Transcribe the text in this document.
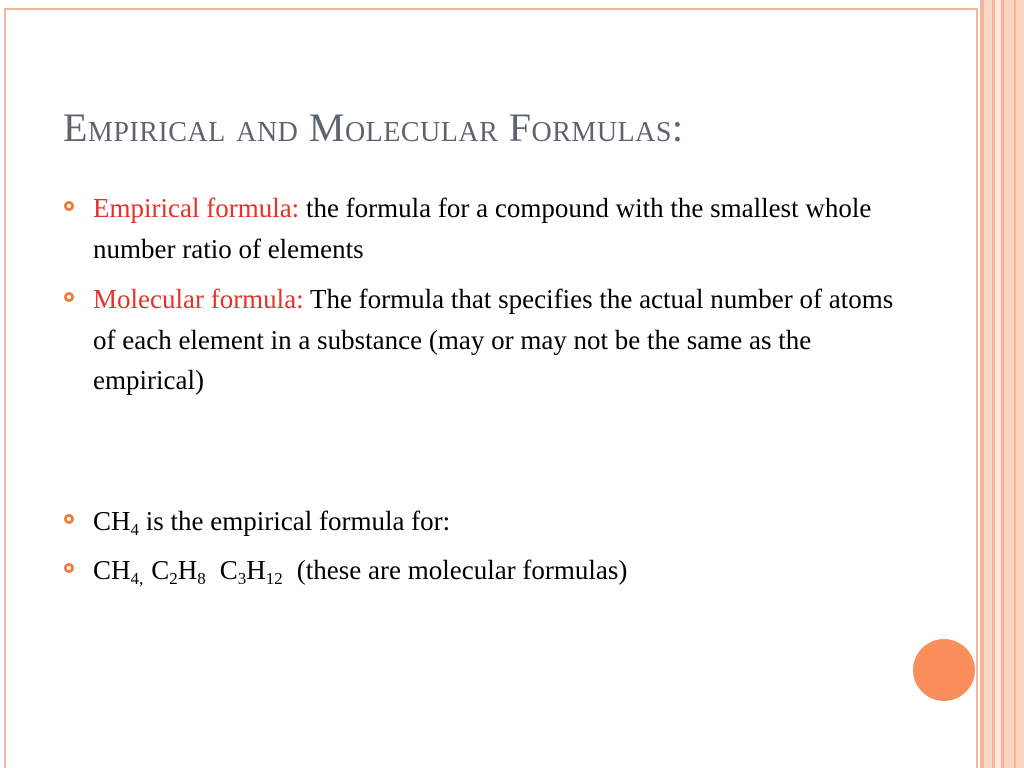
Empirical and Molecular Formulas:
Empirical formula: the formula for a compound with the smallest whole number ratio of elements
Molecular formula: The formula that specifies the actual number of atoms of each element in a substance (may or may not be the same as the empirical)
$CH_4$ is the empirical formula for:
$CH_{4,}$ $C_2H_8$ $C_3H_{12}$ (these are molecular formulas)
